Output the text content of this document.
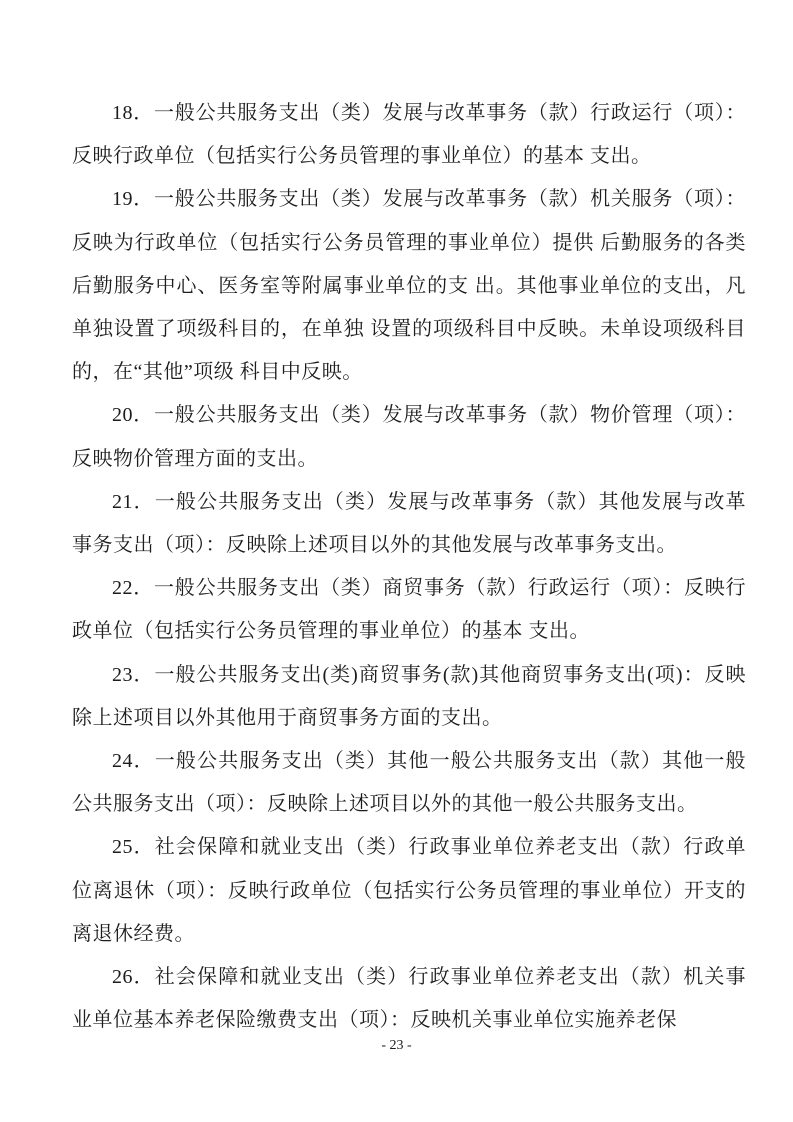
18．一般公共服务支出（类）发展与改革事务（款）行政运行（项）：反映行政单位（包括实行公务员管理的事业单位）的基本 支出。

19．一般公共服务支出（类）发展与改革事务（款）机关服务（项）：反映为行政单位（包括实行公务员管理的事业单位）提供 后勤服务的各类后勤服务中心、医务室等附属事业单位的支 出。其他事业单位的支出，凡单独设置了项级科目的，在单独 设置的项级科目中反映。未单设项级科目的，在“其他”项级 科目中反映。

20．一般公共服务支出（类）发展与改革事务（款）物价管理（项）：反映物价管理方面的支出。

21．一般公共服务支出（类）发展与改革事务（款）其他发展与改革事务支出（项）：反映除上述项目以外的其他发展与改革事务支出。

22．一般公共服务支出（类）商贸事务（款）行政运行（项）：反映行政单位（包括实行公务员管理的事业单位）的基本 支出。

23．一般公共服务支出(类)商贸事务(款)其他商贸事务支出(项)：反映除上述项目以外其他用于商贸事务方面的支出。

24．一般公共服务支出（类）其他一般公共服务支出（款）其他一般公共服务支出（项）：反映除上述项目以外的其他一般公共服务支出。

25．社会保障和就业支出（类）行政事业单位养老支出（款）行政单位离退休（项）：反映行政单位（包括实行公务员管理的事业单位）开支的 离退休经费。

26．社会保障和就业支出（类）行政事业单位养老支出（款）机关事业单位基本养老保险缴费支出（项）：反映机关事业单位实施养老保

- 23 -
